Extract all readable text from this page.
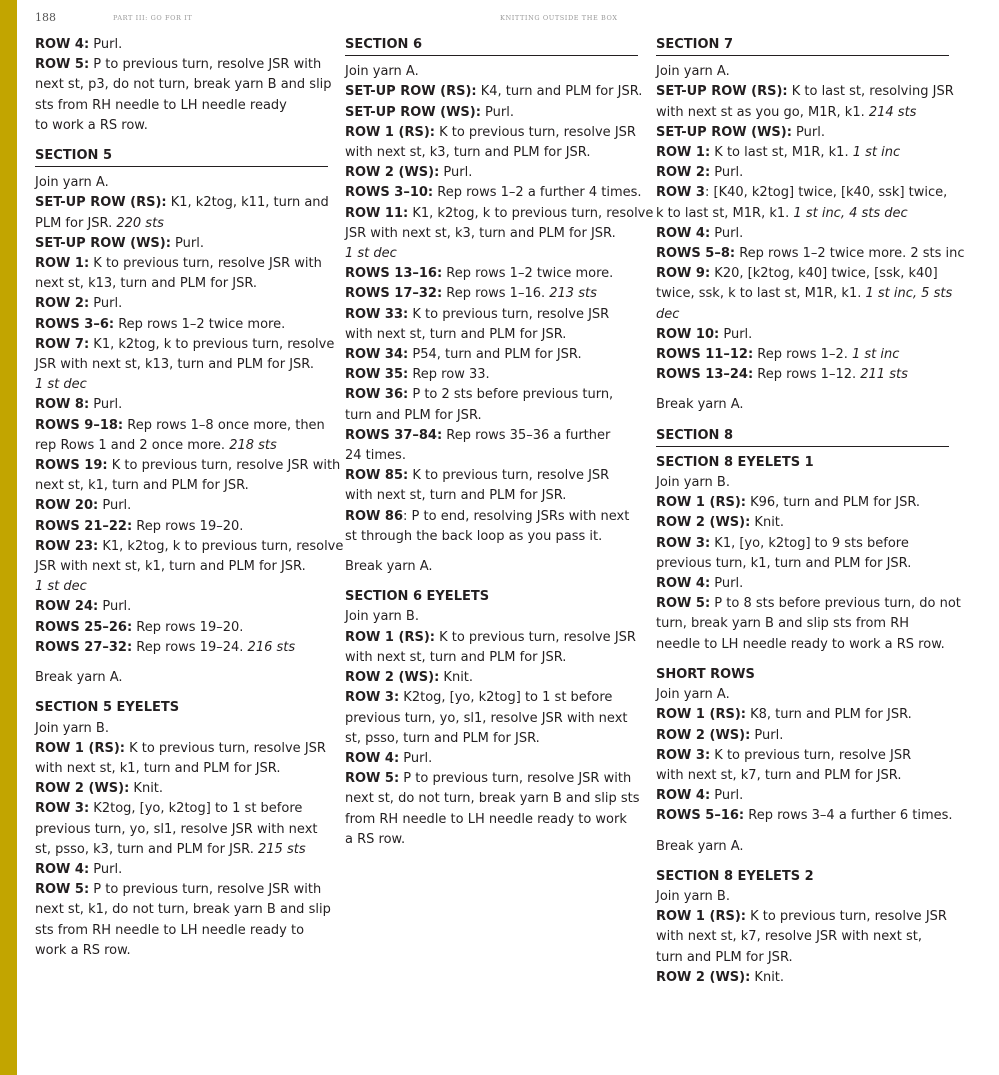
188	PART III: GO FOR IT	KNITTING OUTSIDE THE BOX
ROW 4: Purl.
ROW 5: P to previous turn, resolve JSR with
next st, p3, do not turn, break yarn B and slip
sts from RH needle to LH needle ready
to work a RS row.
SECTION 5
Join yarn A.
SET-UP ROW (RS): K1, k2tog, k11, turn and
PLM for JSR. 220 sts
SET-UP ROW (WS): Purl.
ROW 1: K to previous turn, resolve JSR with
next st, k13, turn and PLM for JSR.
ROW 2: Purl.
ROWS 3–6: Rep rows 1–2 twice more.
ROW 7: K1, k2tog, k to previous turn, resolve
JSR with next st, k13, turn and PLM for JSR.
1 st dec
ROW 8: Purl.
ROWS 9–18: Rep rows 1–8 once more, then
rep Rows 1 and 2 once more. 218 sts
ROWS 19: K to previous turn, resolve JSR with
next st, k1, turn and PLM for JSR.
ROW 20: Purl.
ROWS 21–22: Rep rows 19–20.
ROW 23: K1, k2tog, k to previous turn, resolve
JSR with next st, k1, turn and PLM for JSR.
1 st dec
ROW 24: Purl.
ROWS 25–26: Rep rows 19–20.
ROWS 27–32: Rep rows 19–24. 216 sts
Break yarn A.
SECTION 5 EYELETS
Join yarn B.
ROW 1 (RS): K to previous turn, resolve JSR
with next st, k1, turn and PLM for JSR.
ROW 2 (WS): Knit.
ROW 3: K2tog, [yo, k2tog] to 1 st before
previous turn, yo, sl1, resolve JSR with next
st, psso, k3, turn and PLM for JSR. 215 sts
ROW 4: Purl.
ROW 5: P to previous turn, resolve JSR with
next st, k1, do not turn, break yarn B and slip
sts from RH needle to LH needle ready to
work a RS row.
SECTION 6
Join yarn A.
SET-UP ROW (RS): K4, turn and PLM for JSR.
SET-UP ROW (WS): Purl.
ROW 1 (RS): K to previous turn, resolve JSR
with next st, k3, turn and PLM for JSR.
ROW 2 (WS): Purl.
ROWS 3–10: Rep rows 1–2 a further 4 times.
ROW 11: K1, k2tog, k to previous turn, resolve
JSR with next st, k3, turn and PLM for JSR.
1 st dec
ROWS 13–16: Rep rows 1–2 twice more.
ROWS 17–32: Rep rows 1–16. 213 sts
ROW 33: K to previous turn, resolve JSR
with next st, turn and PLM for JSR.
ROW 34: P54, turn and PLM for JSR.
ROW 35: Rep row 33.
ROW 36: P to 2 sts before previous turn,
turn and PLM for JSR.
ROWS 37–84: Rep rows 35–36 a further
24 times.
ROW 85: K to previous turn, resolve JSR
with next st, turn and PLM for JSR.
ROW 86: P to end, resolving JSRs with next
st through the back loop as you pass it.
Break yarn A.
SECTION 6 EYELETS
Join yarn B.
ROW 1 (RS): K to previous turn, resolve JSR
with next st, turn and PLM for JSR.
ROW 2 (WS): Knit.
ROW 3: K2tog, [yo, k2tog] to 1 st before
previous turn, yo, sl1, resolve JSR with next
st, psso, turn and PLM for JSR.
ROW 4: Purl.
ROW 5: P to previous turn, resolve JSR with
next st, do not turn, break yarn B and slip sts
from RH needle to LH needle ready to work
a RS row.
SECTION 7
Join yarn A.
SET-UP ROW (RS): K to last st, resolving JSR
with next st as you go, M1R, k1. 214 sts
SET-UP ROW (WS): Purl.
ROW 1: K to last st, M1R, k1. 1 st inc
ROW 2: Purl.
ROW 3: [K40, k2tog] twice, [k40, ssk] twice,
k to last st, M1R, k1. 1 st inc, 4 sts dec
ROW 4: Purl.
ROWS 5–8: Rep rows 1–2 twice more. 2 sts inc
ROW 9: K20, [k2tog, k40] twice, [ssk, k40]
twice, ssk, k to last st, M1R, k1. 1 st inc, 5 sts
dec
ROW 10: Purl.
ROWS 11–12: Rep rows 1–2. 1 st inc
ROWS 13–24: Rep rows 1–12. 211 sts
Break yarn A.
SECTION 8
SECTION 8 EYELETS 1
Join yarn B.
ROW 1 (RS): K96, turn and PLM for JSR.
ROW 2 (WS): Knit.
ROW 3: K1, [yo, k2tog] to 9 sts before
previous turn, k1, turn and PLM for JSR.
ROW 4: Purl.
ROW 5: P to 8 sts before previous turn, do not
turn, break yarn B and slip sts from RH
needle to LH needle ready to work a RS row.
SHORT ROWS
Join yarn A.
ROW 1 (RS): K8, turn and PLM for JSR.
ROW 2 (WS): Purl.
ROW 3: K to previous turn, resolve JSR
with next st, k7, turn and PLM for JSR.
ROW 4: Purl.
ROWS 5–16: Rep rows 3–4 a further 6 times.
Break yarn A.
SECTION 8 EYELETS 2
Join yarn B.
ROW 1 (RS): K to previous turn, resolve JSR
with next st, k7, resolve JSR with next st,
turn and PLM for JSR.
ROW 2 (WS): Knit.
